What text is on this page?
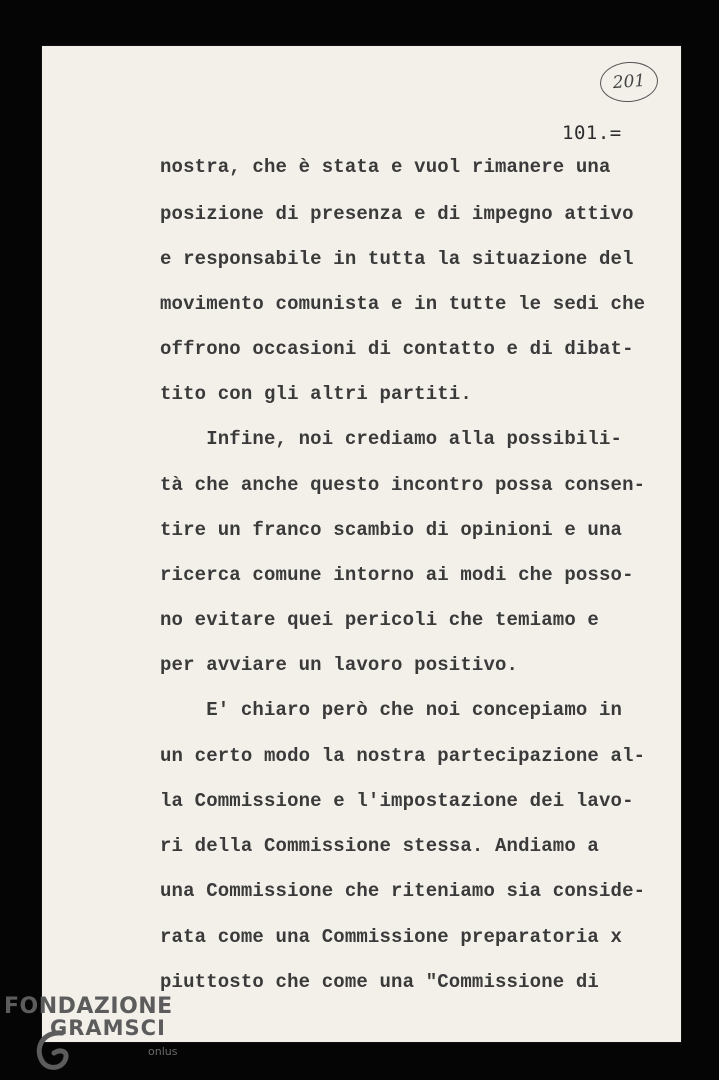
201
101.=
nostra, che è stata e vuol rimanere una
posizione di presenza e di impegno attivo
e responsabile in tutta la situazione del
movimento comunista e in tutte le sedi che
offrono occasioni di contatto e di dibat-
tito con gli altri partiti.
Infine, noi crediamo alla possibili-
tà che anche questo incontro possa consen-
tire un franco scambio di opinioni e una
ricerca comune intorno ai modi che posso-
no evitare quei pericoli che temiamo e
per avviare un lavoro positivo.
E' chiaro però che noi concepiamo in
un certo modo la nostra partecipazione al-
la Commissione e l'impostazione dei lavo-
ri della Commissione stessa. Andiamo a
una Commissione che riteniamo sia conside-
rata come una Commissione preparatoria x
piuttosto che come una "Commissione di
FONDAZIONE
GRAMSCI
onlus
